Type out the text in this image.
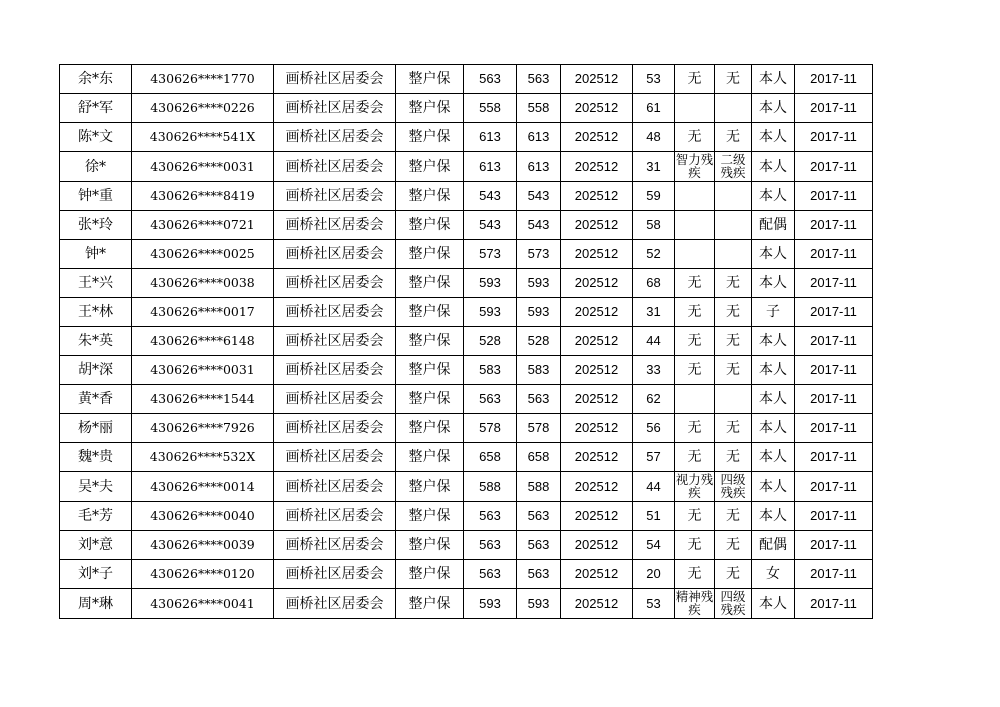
余*东	430626****1770	画桥社区居委会	整户保	563	563	202512	53	无	无	本人	2017-11
舒*军	430626****0226	画桥社区居委会	整户保	558	558	202512	61			本人	2017-11
陈*文	430626****541X	画桥社区居委会	整户保	613	613	202512	48	无	无	本人	2017-11
徐*	430626****0031	画桥社区居委会	整户保	613	613	202512	31	智力残疾	二级残疾	本人	2017-11
钟*重	430626****8419	画桥社区居委会	整户保	543	543	202512	59			本人	2017-11
张*玲	430626****0721	画桥社区居委会	整户保	543	543	202512	58			配偶	2017-11
钟*	430626****0025	画桥社区居委会	整户保	573	573	202512	52			本人	2017-11
王*兴	430626****0038	画桥社区居委会	整户保	593	593	202512	68	无	无	本人	2017-11
王*林	430626****0017	画桥社区居委会	整户保	593	593	202512	31	无	无	子	2017-11
朱*英	430626****6148	画桥社区居委会	整户保	528	528	202512	44	无	无	本人	2017-11
胡*深	430626****0031	画桥社区居委会	整户保	583	583	202512	33	无	无	本人	2017-11
黄*香	430626****1544	画桥社区居委会	整户保	563	563	202512	62			本人	2017-11
杨*丽	430626****7926	画桥社区居委会	整户保	578	578	202512	56	无	无	本人	2017-11
魏*贵	430626****532X	画桥社区居委会	整户保	658	658	202512	57	无	无	本人	2017-11
吴*夫	430626****0014	画桥社区居委会	整户保	588	588	202512	44	视力残疾	四级残疾	本人	2017-11
毛*芳	430626****0040	画桥社区居委会	整户保	563	563	202512	51	无	无	本人	2017-11
刘*意	430626****0039	画桥社区居委会	整户保	563	563	202512	54	无	无	配偶	2017-11
刘*子	430626****0120	画桥社区居委会	整户保	563	563	202512	20	无	无	女	2017-11
周*琳	430626****0041	画桥社区居委会	整户保	593	593	202512	53	精神残疾	四级残疾	本人	2017-11
